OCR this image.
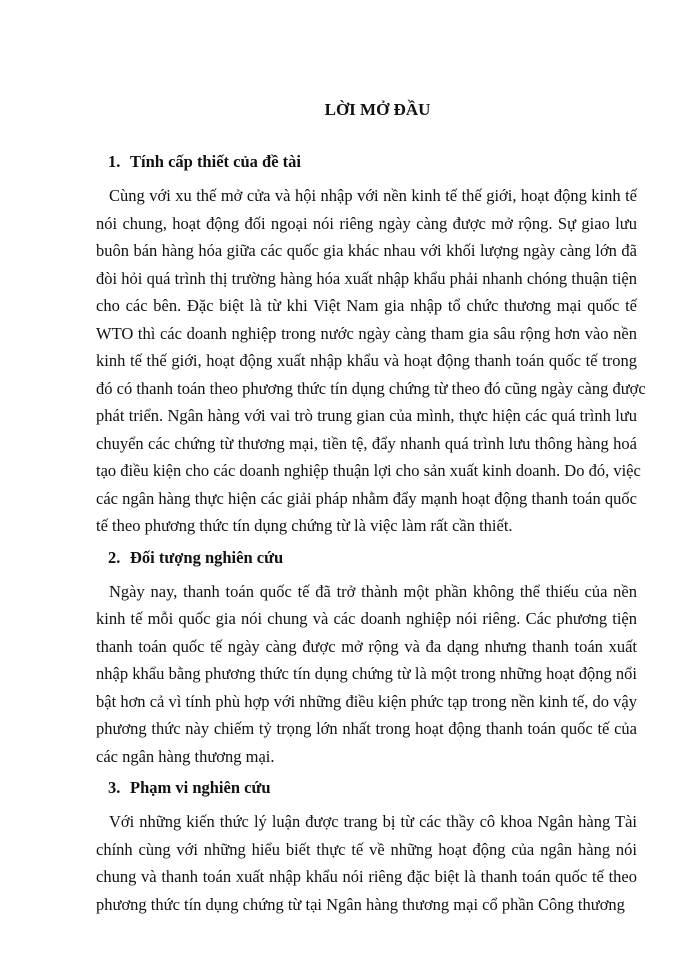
LỜI MỞ ĐẦU
1. Tính cấp thiết của đề tài
Cùng với xu thế mở cửa và hội nhập với nền kinh tế thế giới, hoạt động kinh tế
nói chung, hoạt động đối ngoại nói riêng ngày càng được mở rộng. Sự giao lưu
buôn bán hàng hóa giữa các quốc gia khác nhau với khối lượng ngày càng lớn đã
đòi hỏi quá trình thị trường hàng hóa xuất nhập khẩu phải nhanh chóng thuận tiện
cho các bên. Đặc biệt là từ khi Việt Nam gia nhập tổ chức thương mại quốc tế
WTO thì các doanh nghiệp trong nước ngày càng tham gia sâu rộng hơn vào nền
kinh tế thế giới, hoạt động xuất nhập khẩu và hoạt động thanh toán quốc tế trong
đó có thanh toán theo phương thức tín dụng chứng từ theo đó cũng ngày càng được
phát triển. Ngân hàng với vai trò trung gian của mình, thực hiện các quá trình lưu
chuyển các chứng từ thương mại, tiền tệ, đẩy nhanh quá trình lưu thông hàng hoá
tạo điều kiện cho các doanh nghiệp thuận lợi cho sản xuất kinh doanh. Do đó, việc
các ngân hàng thực hiện các giải pháp nhằm đẩy mạnh hoạt động thanh toán quốc
tế theo phương thức tín dụng chứng từ là việc làm rất cần thiết.
2. Đối tượng nghiên cứu
Ngày nay, thanh toán quốc tế đã trở thành một phần không thể thiếu của nền
kinh tế mỗi quốc gia nói chung và các doanh nghiệp nói riêng. Các phương tiện
thanh toán quốc tế ngày càng được mở rộng và đa dạng nhưng thanh toán xuất
nhập khẩu bằng phương thức tín dụng chứng từ là một trong những hoạt động nổi
bật hơn cả vì tính phù hợp với những điều kiện phức tạp trong nền kinh tế, do vậy
phương thức này chiếm tỷ trọng lớn nhất trong hoạt động thanh toán quốc tế của
các ngân hàng thương mại.
3. Phạm vi nghiên cứu
Với những kiến thức lý luận được trang bị từ các thầy cô khoa Ngân hàng Tài
chính cùng với những hiểu biết thực tế về những hoạt động của ngân hàng nói
chung và thanh toán xuất nhập khẩu nói riêng đặc biệt là thanh toán quốc tế theo
phương thức tín dụng chứng từ tại Ngân hàng thương mại cổ phần Công thương
